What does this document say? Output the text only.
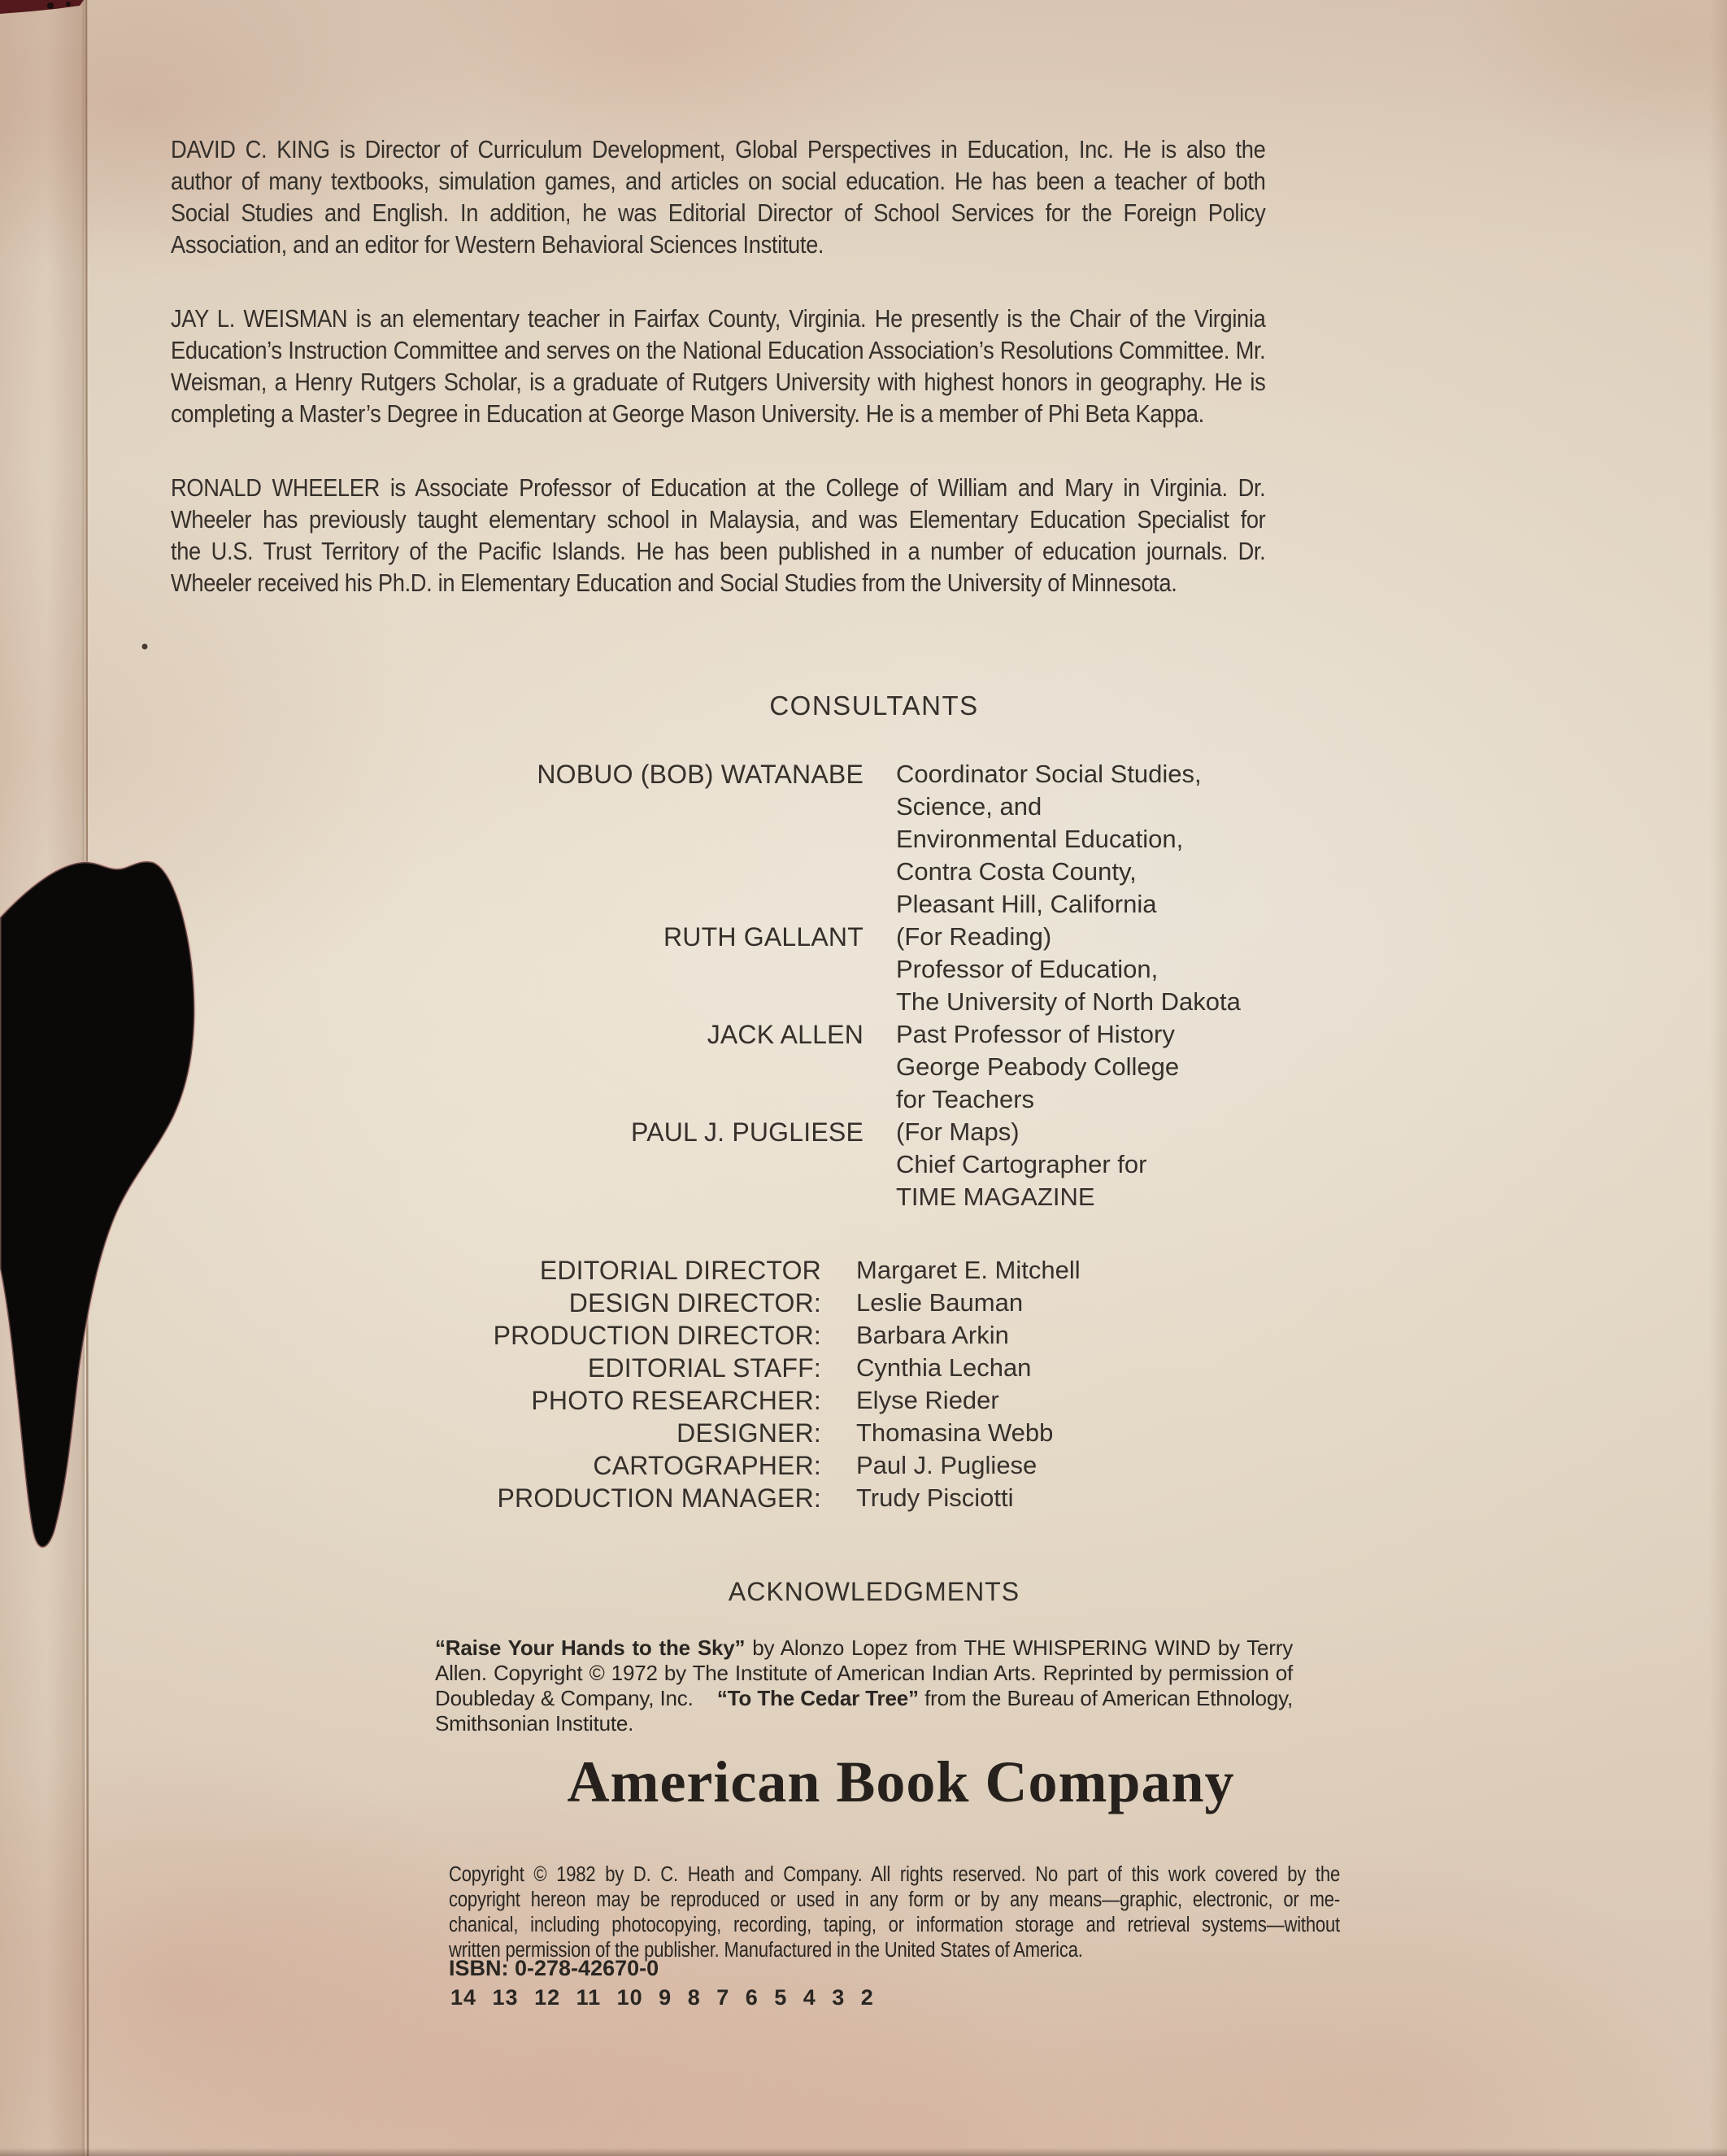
DAVID C. KING is Director of Curriculum Development, Global Perspectives in Education, Inc. He is also the
author of many textbooks, simulation games, and articles on social education. He has been a teacher of both
Social Studies and English. In addition, he was Editorial Director of School Services for the Foreign Policy
Association, and an editor for Western Behavioral Sciences Institute.
JAY L. WEISMAN is an elementary teacher in Fairfax County, Virginia. He presently is the Chair of the Virginia
Education’s Instruction Committee and serves on the National Education Association’s Resolutions Committee. Mr.
Weisman, a Henry Rutgers Scholar, is a graduate of Rutgers University with highest honors in geography. He is
completing a Master’s Degree in Education at George Mason University. He is a member of Phi Beta Kappa.
RONALD WHEELER is Associate Professor of Education at the College of William and Mary in Virginia. Dr.
Wheeler has previously taught elementary school in Malaysia, and was Elementary Education Specialist for
the U.S. Trust Territory of the Pacific Islands. He has been published in a number of education journals. Dr.
Wheeler received his Ph.D. in Elementary Education and Social Studies from the University of Minnesota.
CONSULTANTS
NOBUO (BOB) WATANABE Coordinator Social Studies,
Science, and
Environmental Education,
Contra Costa County,
Pleasant Hill, California
RUTH GALLANT (For Reading)
Professor of Education,
The University of North Dakota
JACK ALLEN Past Professor of History
George Peabody College
for Teachers
PAUL J. PUGLIESE (For Maps)
Chief Cartographer for
TIME MAGAZINE
EDITORIAL DIRECTOR Margaret E. Mitchell
DESIGN DIRECTOR: Leslie Bauman
PRODUCTION DIRECTOR: Barbara Arkin
EDITORIAL STAFF: Cynthia Lechan
PHOTO RESEARCHER: Elyse Rieder
DESIGNER: Thomasina Webb
CARTOGRAPHER: Paul J. Pugliese
PRODUCTION MANAGER: Trudy Pisciotti
ACKNOWLEDGMENTS
“Raise Your Hands to the Sky” by Alonzo Lopez from THE WHISPERING WIND by Terry Allen. Copyright © 1972 by The Institute of American Indian Arts. Reprinted by permission of Doubleday & Company, Inc.    “To The Cedar Tree” from the Bureau of American Ethnology, Smithsonian Institute.
American Book Company
Copyright © 1982 by D. C. Heath and Company. All rights reserved. No part of this work covered by the
copyright hereon may be reproduced or used in any form or by any means—graphic, electronic, or me-
chanical, including photocopying, recording, taping, or information storage and retrieval systems—without
written permission of the publisher. Manufactured in the United States of America.
ISBN: 0-278-42670-0
14 13 12 11 10 9 8 7 6 5 4 3 2
